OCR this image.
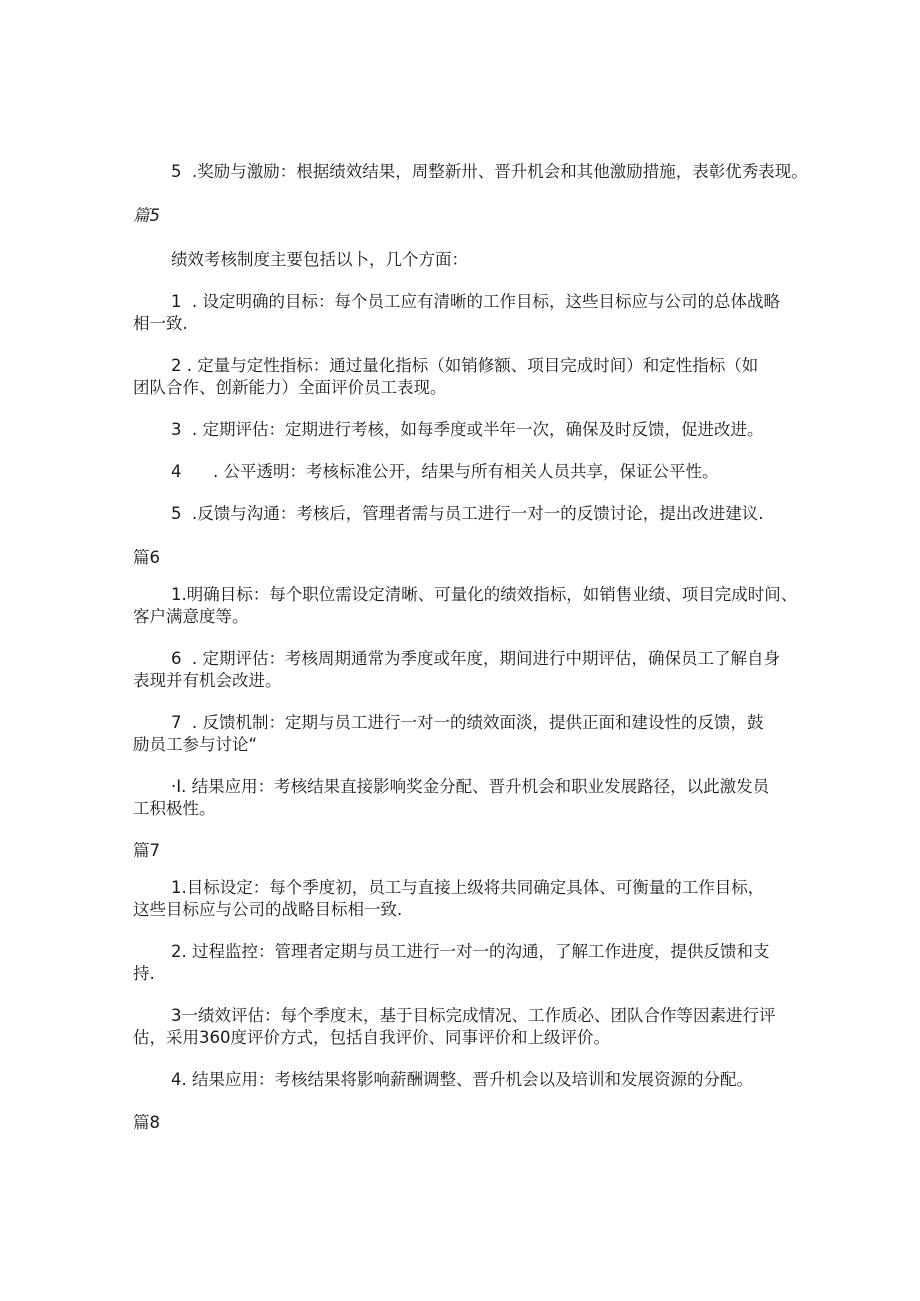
5  .奖励与激励：根据绩效结果，周整新卅、晋升机会和其他激励措施，表彰优秀表现。
篇5
绩效考核制度主要包括以卜，几个方面：
1  . 设定明确的目标：每个员工应有清晰的工作目标，这些目标应与公司的总体战略
相一致.
2 . 定量与定性指标：通过量化指标（如销修额、项目完成时间）和定性指标（如
团队合作、创新能力）全面评价员工表现。
3  . 定期评估：定期进行考核，如每季度或半年一次，确保及时反馈，促进改进。
4      . 公平透明：考核标准公开，结果与所有相关人员共享，保证公平性。
5  .反馈与沟通：考核后，管理者需与员工进行一对一的反馈讨论，提出改进建议.
篇6
1.明确目标：每个职位需设定清晰、可量化的绩效指标，如销售业绩、项目完成时间、
客户满意度等。
6  . 定期评估：考核周期通常为季度或年度，期间进行中期评估，确保员工了解自身
表现并有机会改进。
7  . 反馈机制：定期与员工进行一对一的绩效面淡，提供正面和建设性的反馈，鼓
励员工参与讨论“
·I. 结果应用：考核结果直接影响奖金分配、晋升机会和职业发展路径，以此激发员
工积极性。
篇7
1.目标设定：每个季度初，员工与直接上级将共同确定具体、可衡量的工作目标，
这些目标应与公司的战略目标相一致.
2. 过程监控：管理者定期与员工进行一对一的沟通，了解工作进度，提供反馈和支
持.
3一绩效评估：每个季度末，基于目标完成情况、工作质必、团队合作等因素进行评
估，采用360度评价方式，包括自我评价、同事评价和上级评价。
4. 结果应用：考核结果将影响薪酬调整、晋升机会以及培训和发展资源的分配。
篇8
